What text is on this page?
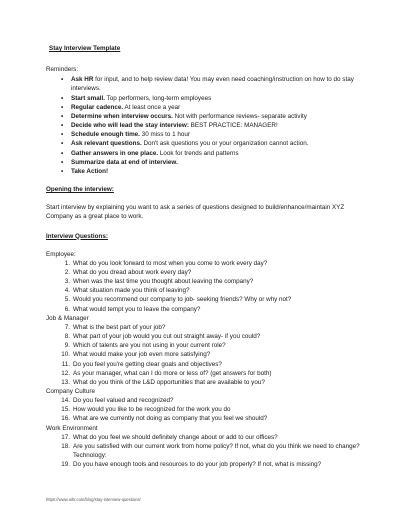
Stay Interview Template
Reminders:
• Ask HR for input, and to help review data! You may even need coaching/instruction on how to do stay interviews.
• Start small. Top performers, long-term employees
• Regular cadence. At least once a year
• Determine when interview occurs. Not with performance reviews- separate activity
• Decide who will lead the stay interview: BEST PRACTICE: MANAGER!
• Schedule enough time. 30 miss to 1 hour
• Ask relevant questions. Don't ask questions you or your organization cannot action.
• Gather answers in one place. Look for trends and patterns
• Summarize data at end of interview.
• Take Action!
Opening the interview:
Start interview by explaining you want to ask a series of questions designed to build/enhance/maintain XYZ Company as a great place to work.
Interview Questions:
Employee:
1. What do you look forward to most when you come to work every day?
2. What do you dread about work every day?
3. When was the last time you thought about leaving the company?
4. What situation made you think of leaving?
5. Would you recommend our company to job- seeking friends? Why or why not?
6. What would tempt you to leave the company?
Job & Manager
7. What is the best part of your job?
8. What part of your job would you cut out straight away- if you could?
9. Which of talents are you not using in your current role?
10. What would make your job even more satisfying?
11. Do you feel you're getting clear goals and objectives?
12. As your manager, what can I do more or less of? (get answers for both)
13. What do you think of the L&D opportunities that are available to you?
Company Culture
14. Do you feel valued and recognized?
15. How would you like to be recognized for the work you do
16. What are we currently not doing as company that you feel we should?
Work Environment
17. What do you feel we should definitely change about or add to our offices?
18. Are you satisfied with our current work from home policy? If not, what do you think we need to change?
Technology:
19. Do you have enough tools and resources to do your job properly? If not, what is missing?
https://www.aihr.com/blog/stay-interview-questions/
